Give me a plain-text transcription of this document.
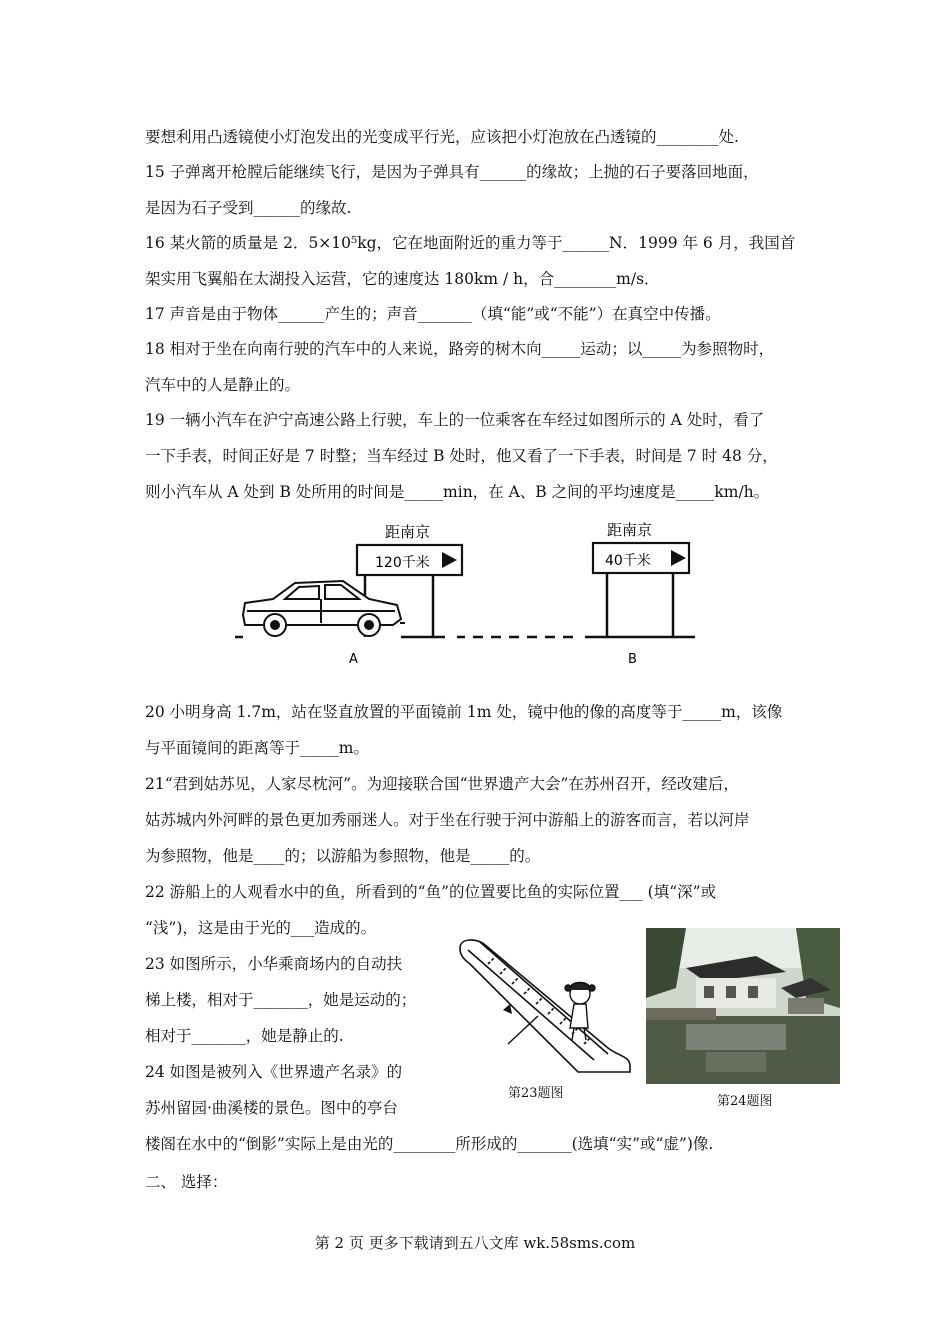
要想利用凸透镜使小灯泡发出的光变成平行光，应该把小灯泡放在凸透镜的________处.
15 子弹离开枪膛后能继续飞行，是因为子弹具有______的缘故；上抛的石子要落回地面，
是因为石子受到______的缘故.
16 某火箭的质量是 2．5×10⁵kg，它在地面附近的重力等于______N．1999 年 6 月，我国首
架实用飞翼船在太湖投入运营，它的速度达 180km / h，合________m/s．
17 声音是由于物体______产生的；声音_______（填“能”或“不能”）在真空中传播。
18 相对于坐在向南行驶的汽车中的人来说，路旁的树木向_____运动；以_____为参照物时，
汽车中的人是静止的。
19 一辆小汽车在沪宁高速公路上行驶，车上的一位乘客在车经过如图所示的 A 处时，看了
一下手表，时间正好是 7 时整；当车经过 B 处时，他又看了一下手表，时间是 7 时 48 分，
则小汽车从 A 处到 B 处所用的时间是_____min，在 A、B 之间的平均速度是_____km/h。
距南京
120千米
距南京
40千米
A	B
20 小明身高 1.7m，站在竖直放置的平面镜前 1m 处，镜中他的像的高度等于_____m，该像
与平面镜间的距离等于_____m。
21“君到姑苏见，人家尽枕河”。为迎接联合国“世界遗产大会”在苏州召开，经改建后，
姑苏城内外河畔的景色更加秀丽迷人。对于坐在行驶于河中游船上的游客而言，若以河岸
为参照物，他是____的；以游船为参照物，他是_____的。
22 游船上的人观看水中的鱼，所看到的“鱼”的位置要比鱼的实际位置___ (填“深”或
“浅”)，这是由于光的___造成的。
23 如图所示，小华乘商场内的自动扶
梯上楼，相对于_______，她是运动的；
相对于_______，她是静止的.
24 如图是被列入《世界遗产名录》的
苏州留园·曲溪楼的景色。图中的亭台
楼阁在水中的“倒影”实际上是由光的________所形成的_______(选填“实”或“虚”)像.
二、 选择：
第23题图
第24题图
第 2 页 更多下载请到五八文库 wk.58sms.com
